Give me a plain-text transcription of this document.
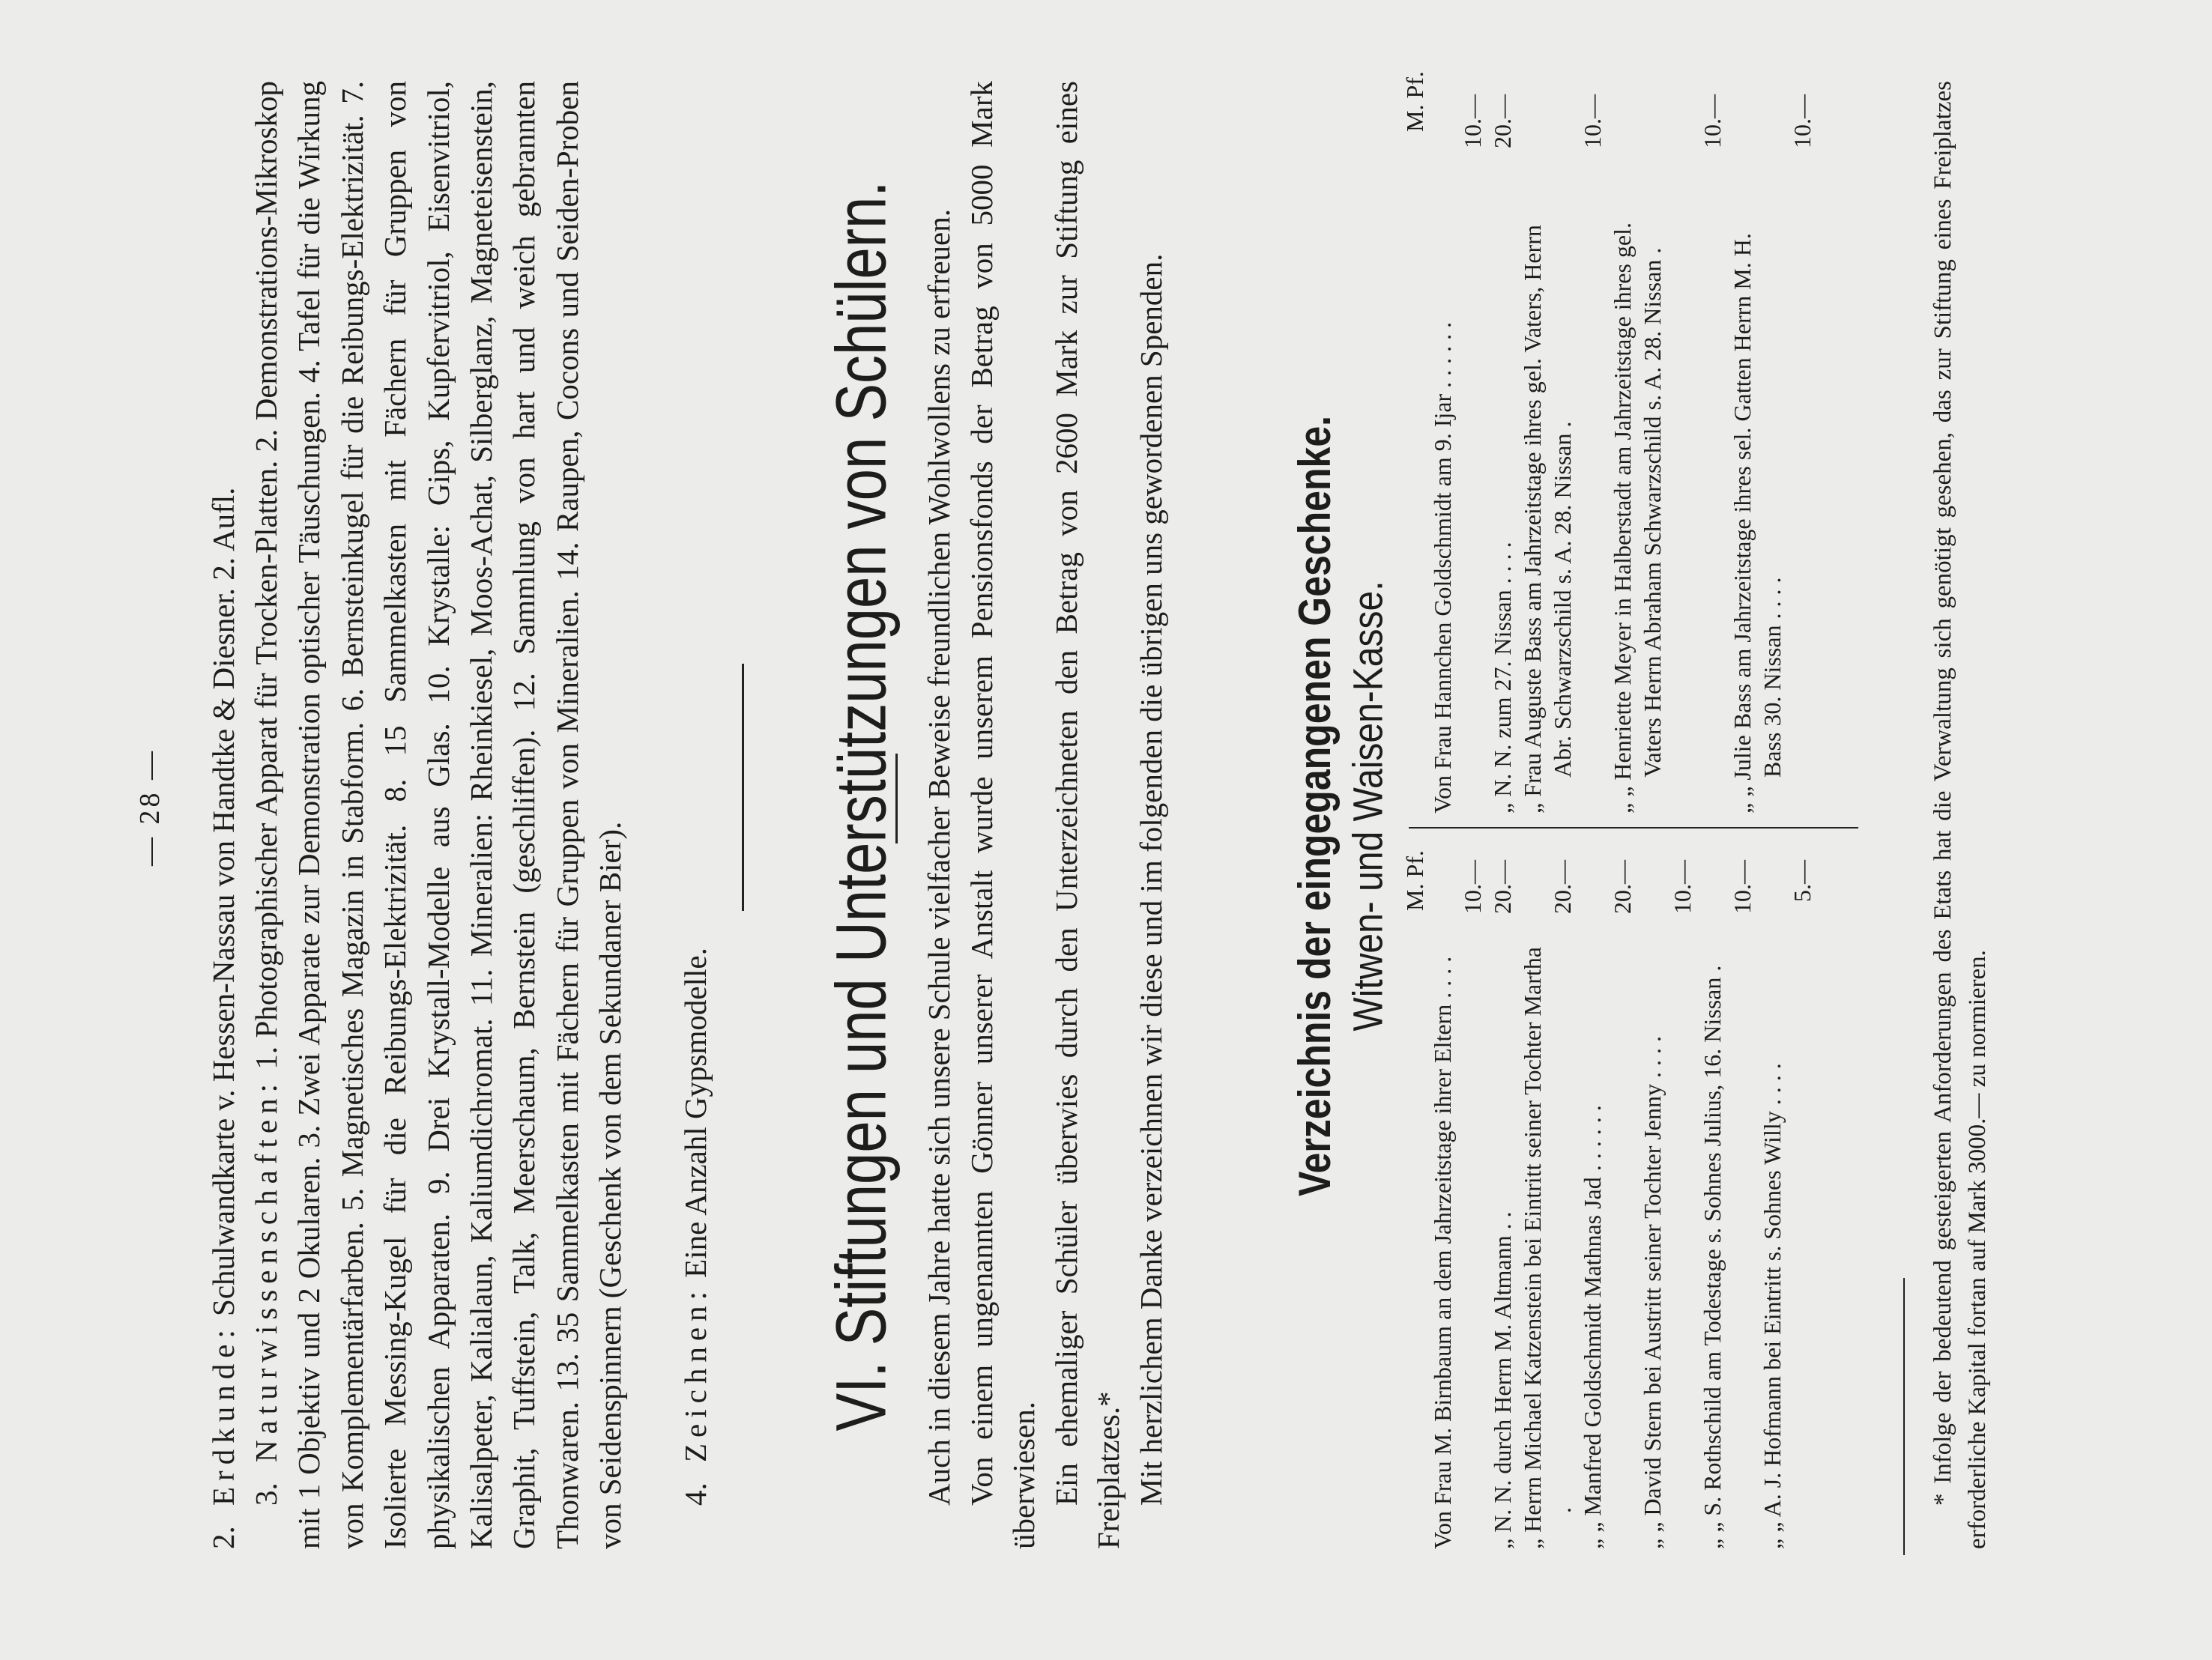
— 28 —
2.Erdkunde: Schulwandkarte v. Hessen-Nassau von Handtke & Diesner. 2. Aufl.
3.Naturwissenschaften: 1. Photographischer Apparat für Trocken-Platten. 2. Demonstrations-Mikroskop mit 1 Objektiv und 2 Okularen. 3. Zwei Apparate zur Demonstration optischer Täuschungen. 4. Tafel für die Wirkung von Komplementärfarben. 5. Magnetisches Magazin in Stabform. 6. Bernsteinkugel für die Reibungs-Elektrizität. 7. Isolierte Messing-Kugel für die Reibungs-Elektrizität. 8. 15 Sammelkasten mit Fächern für Gruppen von physikalischen Apparaten. 9. Drei Krystall-Modelle aus Glas. 10. Krystalle: Gips, Kupfervitriol, Eisenvitriol, Kalisalpeter, Kalialaun, Kaliumdichromat. 11. Mineralien: Rheinkiesel, Moos-Achat, Silberglanz, Magneteisenstein, Graphit, Tuffstein, Talk, Meerschaum, Bernstein (geschliffen). 12. Sammlung von hart und weich gebrannten Thonwaren. 13. 35 Sammelkasten mit Fächern für Gruppen von Mineralien. 14. Raupen, Cocons und Seiden-Proben von Seidenspinnern (Geschenk von dem Sekundaner Bier). 4.Zeichnen: Eine Anzahl Gypsmodelle. VI. Stiftungen und Unterstützungen von Schülern. Auch in diesem Jahre hatte sich unsere Schule vielfacher Beweise freundlichen Wohlwollens zu erfreuen. Von einem ungenannten Gönner unserer Anstalt wurde unserem Pensionsfonds der Betrag von 5000 Mark überwiesen. Ein ehemaliger Schüler überwies durch den Unterzeichneten den Betrag von 2600 Mark zur Stiftung eines Freiplatzes.* Mit herzlichem Danke verzeichnen wir diese und im folgenden die übrigen uns gewordenen Spenden.	Verzeichnis der eingegangenen Geschenke. Witwen- und Waisen-Kasse. M. Pf.
M. Pf.
Von Frau M. Birnbaum an dem Jahrzeitstage ihrer Eltern . . . .
10.—
„ N. N. durch Herrn M. Altmann . .
20.—
„ Herrn Michael Katzenstein bei Eintritt seiner Tochter Martha .
20.—
„ „ Manfred Goldschmidt Mathnas Jad . . . . . .
20.—
„ „ David Stern bei Austritt seiner Tochter Jenny . . . .
10.—
„ „ S. Rothschild am Todestage s. Sohnes Julius, 16. Nissan .
10.—
„ „ A. J. Hofmann bei Eintritt s. Sohnes Willy . . . .
5.—
Von Frau Hannchen Goldschmidt am 9. Ijar . . . . . .
10.—
„ N. N. zum 27. Nissan . . . .
20.—
„ Frau Auguste Bass am Jahrzeitstage ihres gel. Vaters, Herrn Abr. Schwarzschild s. A. 28. Nissan .
10.—
„ „ Henriette Meyer in Halberstadt am Jahrzeitstage ihres gel. Vaters Herrn Abraham Schwarzschild s. A. 28. Nissan .
10.—
„ „ Julie Bass am Jahrzeitstage ihres sel. Gatten Herrn M. H. Bass 30. Nissan . . . .
10.—	* Infolge der bedeutend gesteigerten Anforderungen des Etats hat die Verwaltung sich genötigt gesehen, das zur Stiftung eines Freiplatzes erforderliche Kapital fortan auf Mark 3000.— zu normieren.
